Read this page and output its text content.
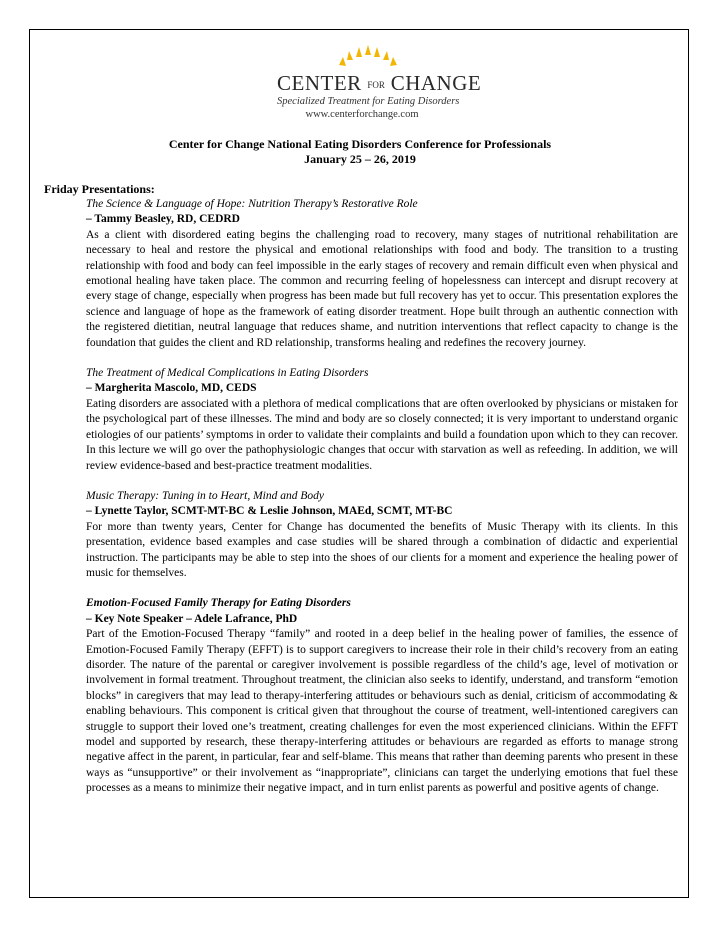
CENTER FOR CHANGE
Specialized Treatment for Eating Disorders
www.centerforchange.com
Center for Change National Eating Disorders Conference for Professionals
January 25 – 26, 2019
Friday Presentations:
The Science & Language of Hope: Nutrition Therapy’s Restorative Role
– Tammy Beasley, RD, CEDRD
As a client with disordered eating begins the challenging road to recovery, many stages of nutritional rehabilitation are necessary to heal and restore the physical and emotional relationships with food and body. The transition to a trusting relationship with food and body can feel impossible in the early stages of recovery and remain difficult even when physical and emotional healing have taken place. The common and recurring feeling of hopelessness can intercept and disrupt recovery at every stage of change, especially when progress has been made but full recovery has yet to occur. This presentation explores the science and language of hope as the framework of eating disorder treatment. Hope built through an authentic connection with the registered dietitian, neutral language that reduces shame, and nutrition interventions that reflect capacity to change is the foundation that guides the client and RD relationship, transforms healing and redefines the recovery journey.
The Treatment of Medical Complications in Eating Disorders
– Margherita Mascolo, MD, CEDS
Eating disorders are associated with a plethora of medical complications that are often overlooked by physicians or mistaken for the psychological part of these illnesses. The mind and body are so closely connected; it is very important to understand organic etiologies of our patients’ symptoms in order to validate their complaints and build a foundation upon which to they can recover. In this lecture we will go over the pathophysiologic changes that occur with starvation as well as refeeding. In addition, we will review evidence-based and best-practice treatment modalities.
Music Therapy: Tuning in to Heart, Mind and Body
– Lynette Taylor, SCMT-MT-BC & Leslie Johnson, MAEd, SCMT, MT-BC
For more than twenty years, Center for Change has documented the benefits of Music Therapy with its clients. In this presentation, evidence based examples and case studies will be shared through a combination of didactic and experiential instruction. The participants may be able to step into the shoes of our clients for a moment and experience the healing power of music for themselves.
Emotion-Focused Family Therapy for Eating Disorders
– Key Note Speaker – Adele Lafrance, PhD
Part of the Emotion-Focused Therapy “family” and rooted in a deep belief in the healing power of families, the essence of Emotion-Focused Family Therapy (EFFT) is to support caregivers to increase their role in their child’s recovery from an eating disorder. The nature of the parental or caregiver involvement is possible regardless of the child’s age, level of motivation or involvement in formal treatment. Throughout treatment, the clinician also seeks to identify, understand, and transform “emotion blocks” in caregivers that may lead to therapy-interfering attitudes or behaviours such as denial, criticism of accommodating & enabling behaviours. This component is critical given that throughout the course of treatment, well-intentioned caregivers can struggle to support their loved one’s treatment, creating challenges for even the most experienced clinicians. Within the EFFT model and supported by research, these therapy-interfering attitudes or behaviours are regarded as efforts to manage strong negative affect in the parent, in particular, fear and self-blame. This means that rather than deeming parents who present in these ways as “unsupportive” or their involvement as “inappropriate”, clinicians can target the underlying emotions that fuel these processes as a means to minimize their negative impact, and in turn enlist parents as powerful and positive agents of change.
